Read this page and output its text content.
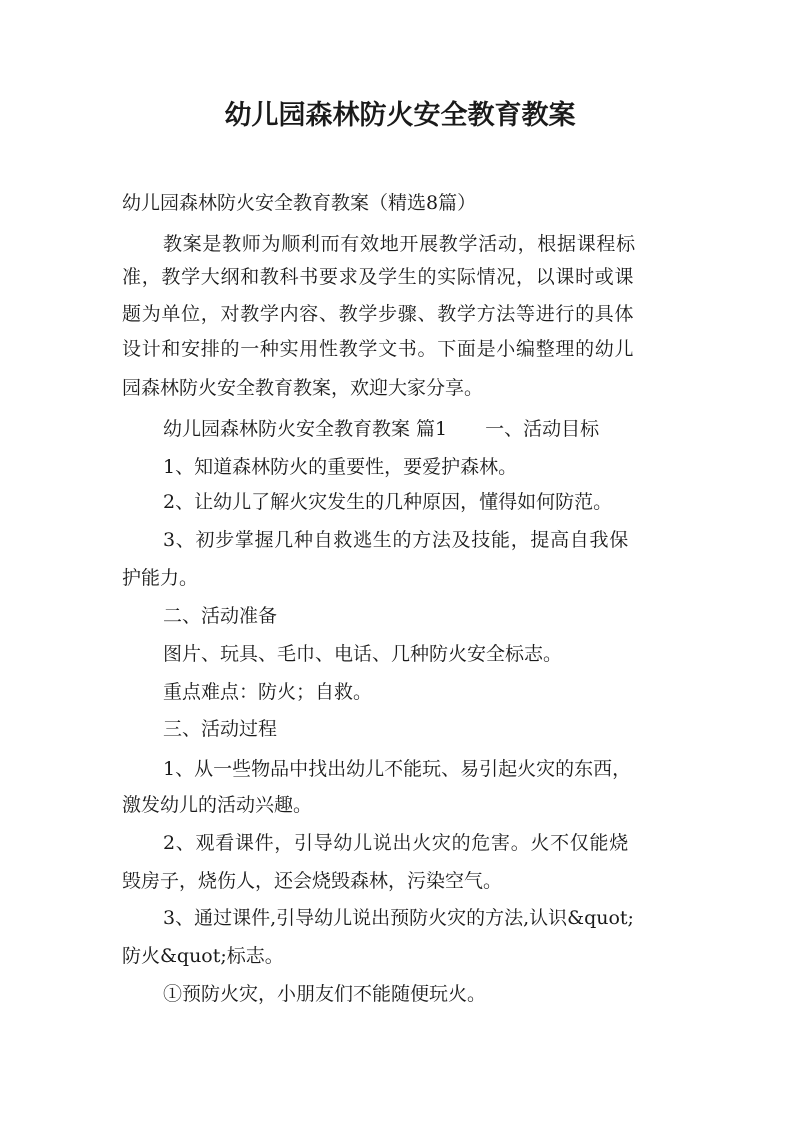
幼儿园森林防火安全教育教案

幼儿园森林防火安全教育教案（精选8篇）

教案是教师为顺利而有效地开展教学活动，根据课程标

准，教学大纲和教科书要求及学生的实际情况，以课时或课

题为单位，对教学内容、教学步骤、教学方法等进行的具体

设计和安排的一种实用性教学文书。下面是小编整理的幼儿

园森林防火安全教育教案，欢迎大家分享。

幼儿园森林防火安全教育教案 篇1　　一、活动目标

1、知道森林防火的重要性，要爱护森林。

2、让幼儿了解火灾发生的几种原因，懂得如何防范。

3、初步掌握几种自救逃生的方法及技能，提高自我保

护能力。

二、活动准备

图片、玩具、毛巾、电话、几种防火安全标志。

重点难点：防火；自救。

三、活动过程

1、从一些物品中找出幼儿不能玩、易引起火灾的东西，

激发幼儿的活动兴趣。

2、观看课件，引导幼儿说出火灾的危害。火不仅能烧

毁房子，烧伤人，还会烧毁森林，污染空气。

3、通过课件,引导幼儿说出预防火灾的方法,认识&quot;

防火&quot;标志。

①预防火灾，小朋友们不能随便玩火。
